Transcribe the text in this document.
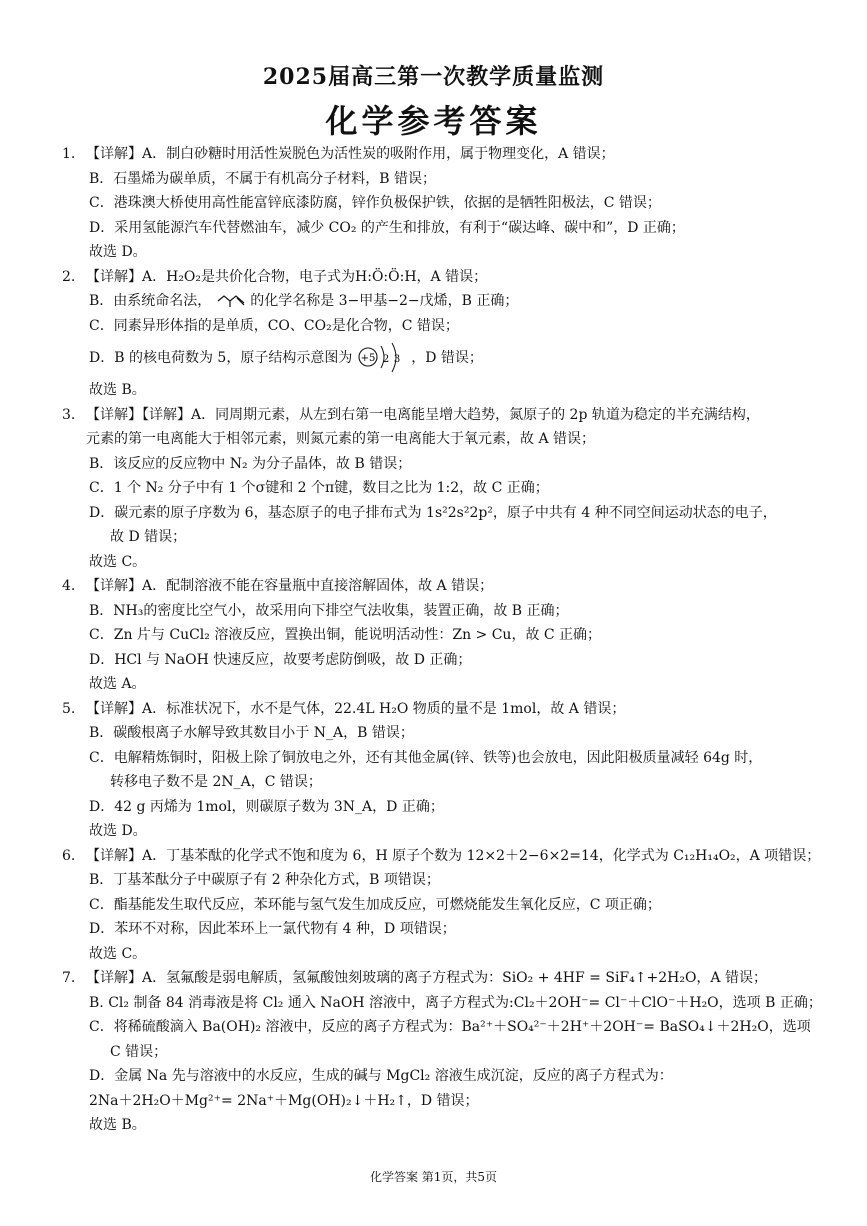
2025届高三第一次教学质量监测
化学参考答案
1. 【详解】A．制白砂糖时用活性炭脱色为活性炭的吸附作用，属于物理变化，A 错误；
B．石墨烯为碳单质，不属于有机高分子材料，B 错误；
C．港珠澳大桥使用高性能富锌底漆防腐，锌作负极保护铁，依据的是牺牲阳极法，C 错误；
D．采用氢能源汽车代替燃油车，减少 CO₂ 的产生和排放，有利于“碳达峰、碳中和”，D 正确；
故选 D。
2. 【详解】A．H₂O₂是共价化合物，电子式为H:Ö:Ö:H，A 错误；
B．由系统命名法，	的化学名称是 3−甲基−2−戊烯，B 正确；
C．同素异形体指的是单质，CO、CO₂是化合物，C 错误；
D．B 的核电荷数为 5，原子结构示意图为 +5 2 3 ，D 错误；
故选 B。
3. 【详解】【详解】A．同周期元素，从左到右第一电离能呈增大趋势，氮原子的 2p 轨道为稳定的半充满结构，
元素的第一电离能大于相邻元素，则氮元素的第一电离能大于氧元素，故 A 错误；
B．该反应的反应物中 N₂ 为分子晶体，故 B 错误；
C．1 个 N₂ 分子中有 1 个σ键和 2 个π键，数目之比为 1:2，故 C 正确；
D．碳元素的原子序数为 6，基态原子的电子排布式为 1s²2s²2p²，原子中共有 4 种不同空间运动状态的电子，
故 D 错误；
故选 C。
4. 【详解】A．配制溶液不能在容量瓶中直接溶解固体，故 A 错误；
B．NH₃的密度比空气小，故采用向下排空气法收集，装置正确，故 B 正确；
C．Zn 片与 CuCl₂ 溶液反应，置换出铜，能说明活动性：Zn > Cu，故 C 正确；
D．HCl 与 NaOH 快速反应，故要考虑防倒吸，故 D 正确；
故选 A。
5. 【详解】A．标准状况下，水不是气体，22.4L H₂O 物质的量不是 1mol，故 A 错误；
B．碳酸根离子水解导致其数目小于 N_A，B 错误；
C．电解精炼铜时，阳极上除了铜放电之外，还有其他金属(锌、铁等)也会放电，因此阳极质量减轻 64g 时，
转移电子数不是 2N_A，C 错误；
D．42 g 丙烯为 1mol，则碳原子数为 3N_A，D 正确；
故选 D。
6. 【详解】A．丁基苯酞的化学式不饱和度为 6，H 原子个数为 12×2＋2−6×2=14，化学式为 C₁₂H₁₄O₂，A 项错误；
B．丁基苯酞分子中碳原子有 2 种杂化方式，B 项错误；
C．酯基能发生取代反应，苯环能与氢气发生加成反应，可燃烧能发生氧化反应，C 项正确；
D．苯环不对称，因此苯环上一氯代物有 4 种，D 项错误；
故选 C。
7. 【详解】A．氢氟酸是弱电解质，氢氟酸蚀刻玻璃的离子方程式为：SiO₂ + 4HF = SiF₄↑+2H₂O，A 错误；
B. Cl₂ 制备 84 消毒液是将 Cl₂ 通入 NaOH 溶液中，离子方程式为:Cl₂＋2OH⁻= Cl⁻＋ClO⁻＋H₂O，选项 B 正确；
C．将稀硫酸滴入 Ba(OH)₂ 溶液中，反应的离子方程式为：Ba²⁺＋SO₄²⁻＋2H⁺＋2OH⁻= BaSO₄↓＋2H₂O，选项
C 错误；
D．金属 Na 先与溶液中的水反应，生成的碱与 MgCl₂ 溶液生成沉淀，反应的离子方程式为：
2Na＋2H₂O＋Mg²⁺= 2Na⁺＋Mg(OH)₂↓＋H₂↑，D 错误；
故选 B。
化学答案 第1页，共5页
